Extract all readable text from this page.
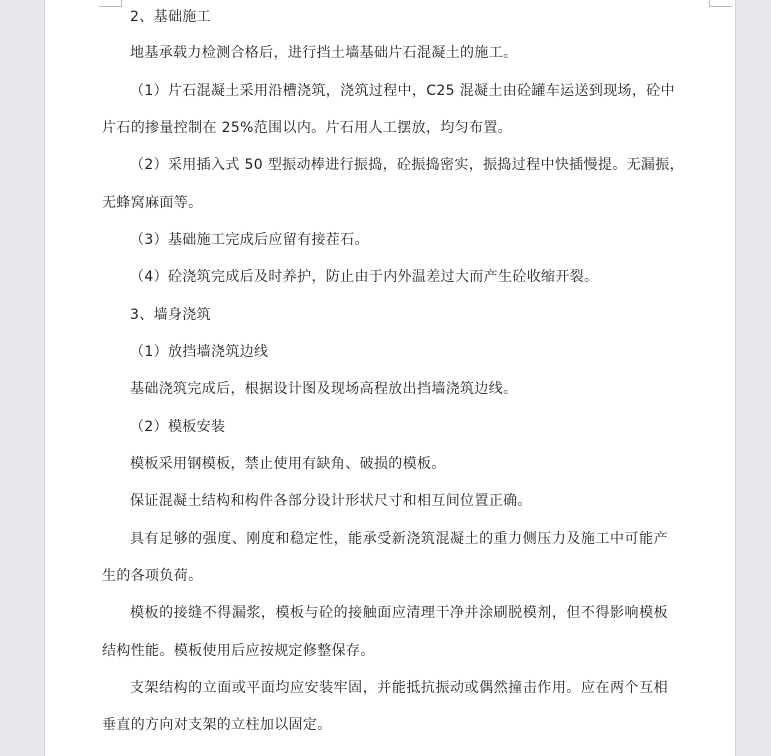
2、基础施工
地基承载力检测合格后，进行挡土墙基础片石混凝土的施工。
（1）片石混凝土采用沿槽浇筑，浇筑过程中，C25 混凝土由砼罐车运送到现场，砼中
片石的掺量控制在 25%范围以内。片石用人工摆放，均匀布置。
（2）采用插入式 50 型振动棒进行振捣，砼振捣密实，振捣过程中快插慢提。无漏振，
无蜂窝麻面等。
（3）基础施工完成后应留有接茬石。
（4）砼浇筑完成后及时养护，防止由于内外温差过大而产生砼收缩开裂。
3、墙身浇筑
（1）放挡墙浇筑边线
基础浇筑完成后，根据设计图及现场高程放出挡墙浇筑边线。
（2）模板安装
模板采用钢模板，禁止使用有缺角、破损的模板。
保证混凝土结构和构件各部分设计形状尺寸和相互间位置正确。
具有足够的强度、刚度和稳定性，能承受新浇筑混凝土的重力侧压力及施工中可能产
生的各项负荷。
模板的接缝不得漏浆，模板与砼的接触面应清理干净并涂刷脱模剂，但不得影响模板
结构性能。模板使用后应按规定修整保存。
支架结构的立面或平面均应安装牢固，并能抵抗振动或偶然撞击作用。应在两个互相
垂直的方向对支架的立柱加以固定。
